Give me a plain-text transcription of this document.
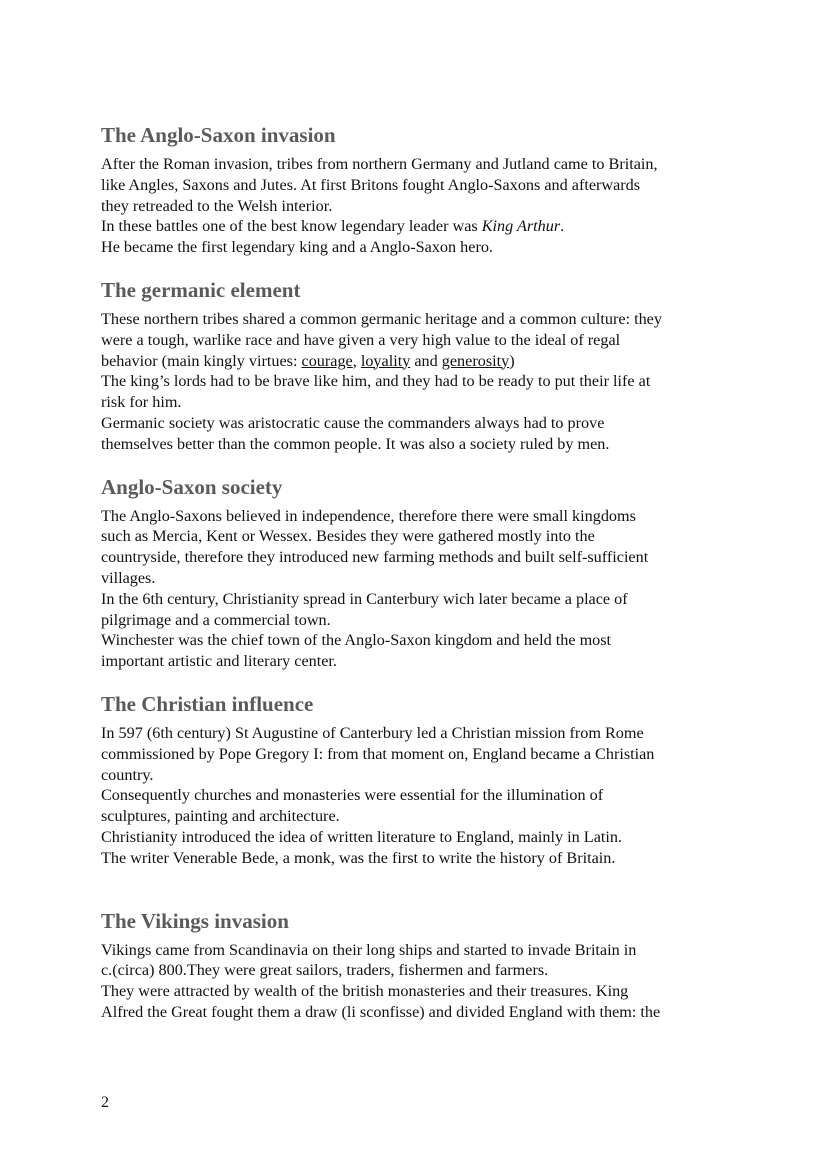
The Anglo-Saxon invasion

After the Roman invasion, tribes from northern Germany and Jutland came to Britain,
like Angles, Saxons and Jutes. At first Britons fought Anglo-Saxons and afterwards
they retreaded to the Welsh interior.
In these battles one of the best know legendary leader was King Arthur.
He became the first legendary king and a Anglo-Saxon hero.

The germanic element

These northern tribes shared a common germanic heritage and a common culture: they
were a tough, warlike race and have given a very high value to the ideal of regal
behavior (main kingly virtues: courage, loyality and generosity)
The king’s lords had to be brave like him, and they had to be ready to put their life at
risk for him.
Germanic society was aristocratic cause the commanders always had to prove
themselves better than the common people. It was also a society ruled by men.

Anglo-Saxon society

The Anglo-Saxons believed in independence, therefore there were small kingdoms
such as Mercia, Kent or Wessex. Besides they were gathered mostly into the
countryside, therefore they introduced new farming methods and built self-sufficient
villages.
In the 6th century, Christianity spread in Canterbury wich later became a place of
pilgrimage and a commercial town.
Winchester was the chief town of the Anglo-Saxon kingdom and held the most
important artistic and literary center.

The Christian influence

In 597 (6th century) St Augustine of Canterbury led a Christian mission from Rome
commissioned by Pope Gregory I: from that moment on, England became a Christian
country.
Consequently churches and monasteries were essential for the illumination of
sculptures, painting and architecture.
Christianity introduced the idea of written literature to England, mainly in Latin.
The writer Venerable Bede, a monk, was the first to write the history of Britain.

The Vikings invasion

Vikings came from Scandinavia on their long ships and started to invade Britain in
c.(circa) 800.They were great sailors, traders, fishermen and farmers.
They were attracted by wealth of the british monasteries and their treasures. King
Alfred the Great fought them a draw (li sconfisse) and divided England with them: the

2
